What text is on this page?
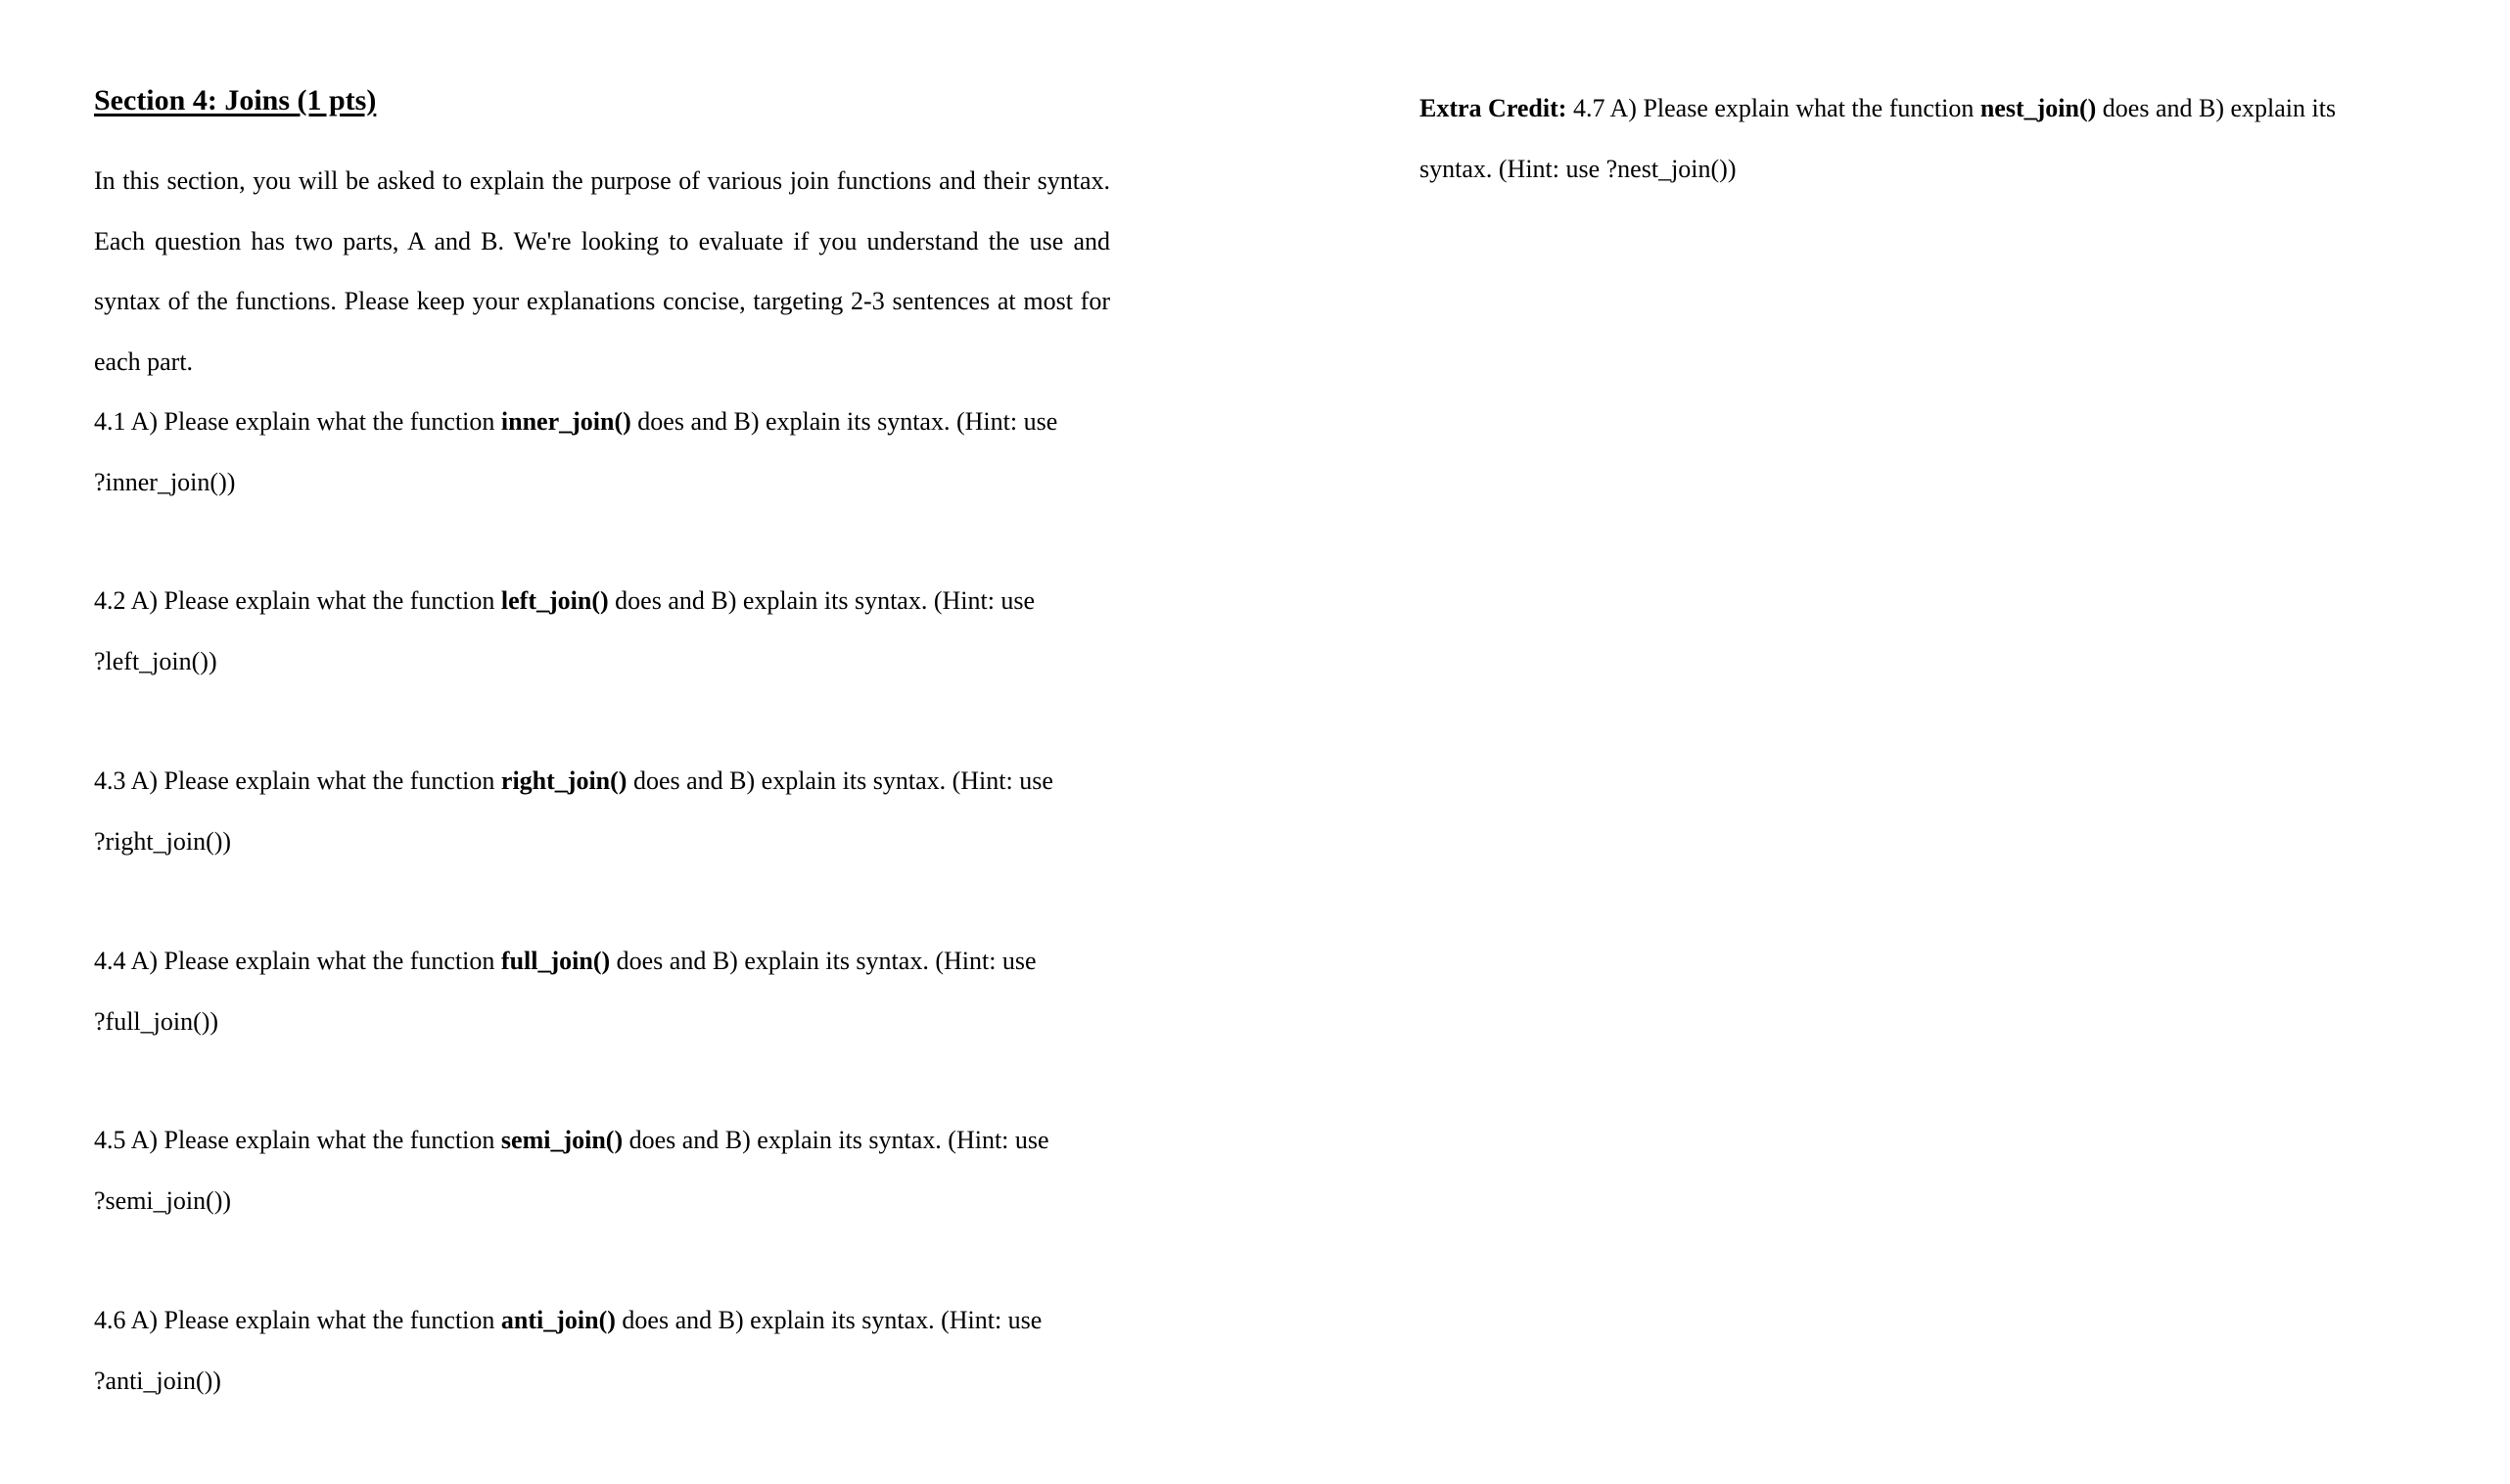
Section 4: Joins (1 pts)
In this section, you will be asked to explain the purpose of various join functions and their syntax.
Each question has two parts, A and B. We're looking to evaluate if you understand the use and
syntax of the functions. Please keep your explanations concise, targeting 2-3 sentences at most for
each part.
4.1 A) Please explain what the function inner_join() does and B) explain its syntax. (Hint: use
?inner_join())
4.2 A) Please explain what the function left_join() does and B) explain its syntax. (Hint: use
?left_join())
4.3 A) Please explain what the function right_join() does and B) explain its syntax. (Hint: use
?right_join())
4.4 A) Please explain what the function full_join() does and B) explain its syntax. (Hint: use
?full_join())
4.5 A) Please explain what the function semi_join() does and B) explain its syntax. (Hint: use
?semi_join())
4.6 A) Please explain what the function anti_join() does and B) explain its syntax. (Hint: use
?anti_join())
Extra Credit: 4.7 A) Please explain what the function nest_join() does and B) explain its
syntax. (Hint: use ?nest_join())
